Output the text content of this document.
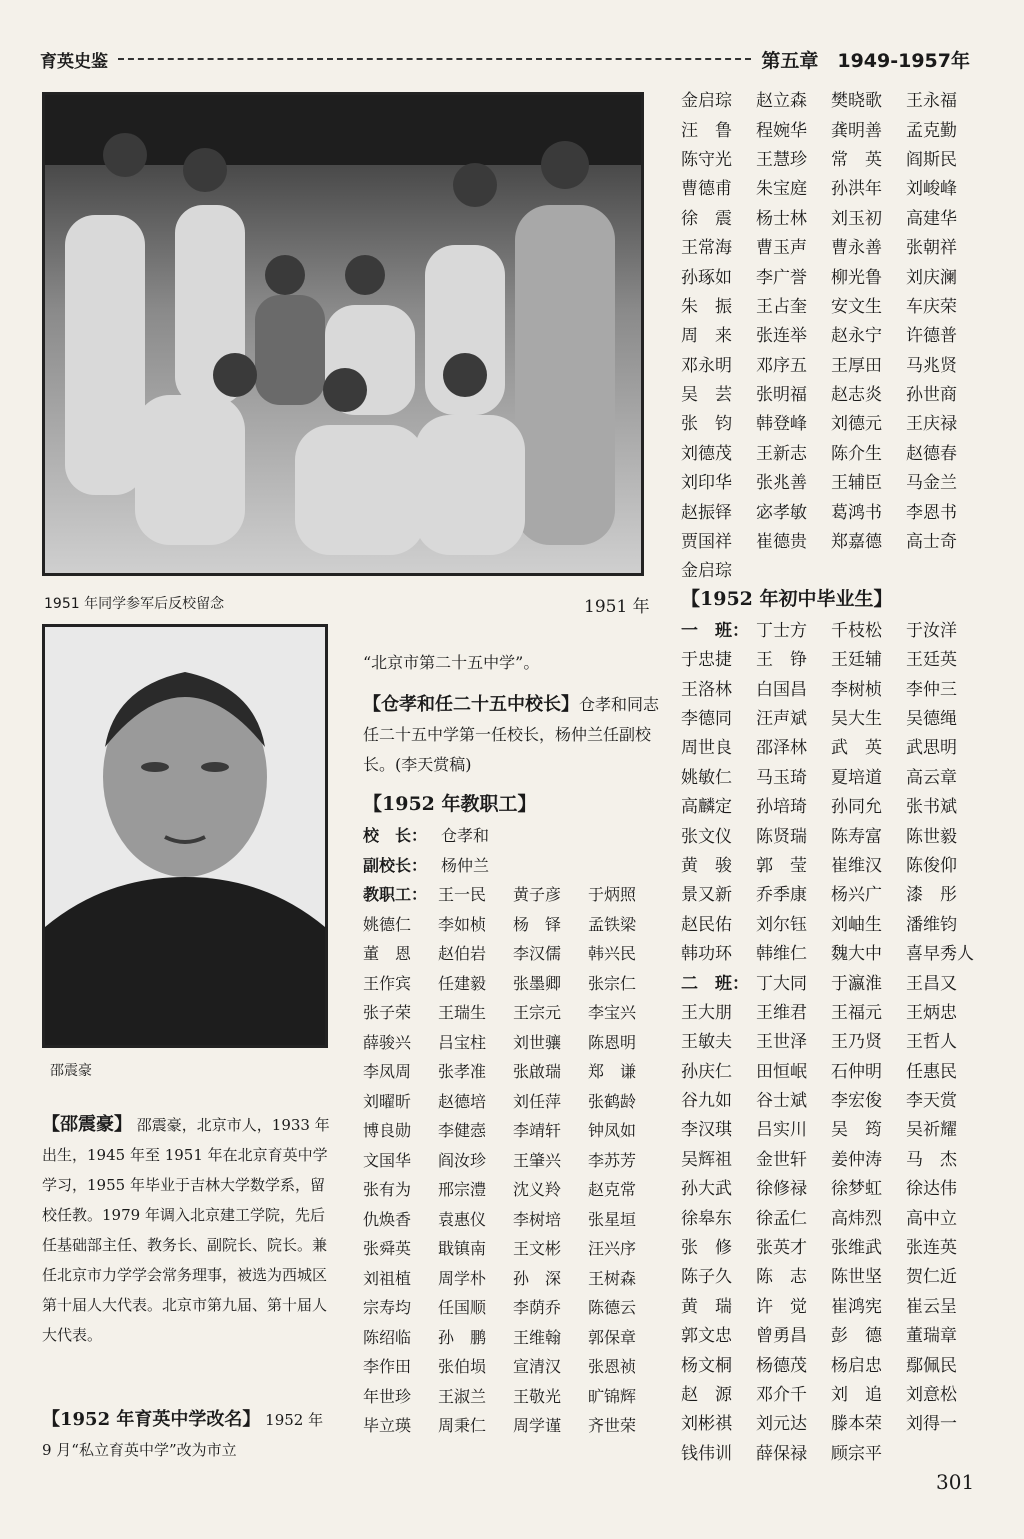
育英史鉴	第五章　1949-1957年
1951 年同学参军后反校留念
邵震豪
【邵震豪】 邵震豪，北京市人，1933 年出生，1945 年至 1951 年在北京育英中学学习，1955 年毕业于吉林大学数学系，留校任教。1979 年调入北京建工学院，先后任基础部主任、教务长、副院长、院长。兼任北京市力学学会常务理事，被选为西城区第十届人大代表。北京市第九届、第十届人大代表。
【1952 年育英中学改名】 1952 年 9 月“私立育英中学”改为市立
1951 年
“北京市第二十五中学”。
【仓孝和任二十五中校长】仓孝和同志任二十五中学第一任校长，杨仲兰任副校长。(李天赏稿)
【1952 年教职工】
校　长： 仓孝和
副校长： 杨仲兰
教职工： 王一民	黄子彦	于炳照
姚德仁	李如桢	杨　铎	孟铁梁
董　恩	赵伯岩	李汉儒	韩兴民
王作宾	任建毅	张墨卿	张宗仁
张子荣	王瑞生	王宗元	李宝兴
薛骏兴	吕宝柱	刘世骧	陈恩明
李凤周	张孝准	张啟瑞	郑　谦
刘曜昕	赵德培	刘任萍	张鹤龄
博良勋	李健悫	李靖轩	钟凤如
文国华	阎汝珍	王肇兴	李苏芳
张有为	邢宗澧	沈义羚	赵克常
仇焕香	袁惠仪	李树培	张星垣
张舜英	戢镇南	王文彬	汪兴序
刘祖植	周学朴	孙　深	王树森
宗寿均	任国顺	李荫乔	陈德云
陈绍临	孙　鹏	王维翰	郭保章
李作田	张伯埙	宣清汉	张恩祯
年世珍	王淑兰	王敬光	旷锦辉
毕立瑛	周秉仁	周学谨	齐世荣
金启琮	赵立森	樊晓歌	王永福
汪　鲁	程婉华	龚明善	孟克勤
陈守光	王慧珍	常　英	阎斯民
曹德甫	朱宝庭	孙洪年	刘峻峰
徐　震	杨士林	刘玉初	高建华
王常海	曹玉声	曹永善	张朝祥
孙琢如	李广誉	柳光鲁	刘庆澜
朱　振	王占奎	安文生	车庆荣
周　来	张连举	赵永宁	许德普
邓永明	邓序五	王厚田	马兆贤
吴　芸	张明福	赵志炎	孙世商
张　钧	韩登峰	刘德元	王庆禄
刘德茂	王新志	陈介生	赵德春
刘印华	张兆善	王辅臣	马金兰
赵振铎	宓孝敏	葛鸿书	李恩书
贾国祥	崔德贵	郑嘉德	高士奇
金启琮
【1952 年初中毕业生】
一　班： 丁士方	千枝松	于汝洋
于忠捷	王　铮	王廷辅	王廷英
王洛林	白国昌	李树桢	李仲三
李德同	汪声斌	吴大生	吴德绳
周世良	邵泽林	武　英	武思明
姚敏仁	马玉琦	夏培道	高云章
高麟定	孙培琦	孙同允	张书斌
张文仪	陈贤瑞	陈寿富	陈世毅
黄　骏	郭　莹	崔维汉	陈俊仰
景又新	乔季康	杨兴广	漆　彤
赵民佑	刘尔钰	刘岫生	潘维钧
韩功环	韩维仁	魏大中	喜早秀人
二　班： 丁大同	于瀛淮	王昌又
王大朋	王维君	王福元	王炳忠
王敏夫	王世泽	王乃贤	王哲人
孙庆仁	田恒岷	石仲明	任惠民
谷九如	谷士斌	李宏俊	李天赏
李汉琪	吕实川	吴　筠	吴祈耀
吴辉祖	金世轩	姜仲涛	马　杰
孙大武	徐修禄	徐梦虹	徐达伟
徐皋东	徐孟仁	高炜烈	高中立
张　修	张英才	张维武	张连英
陈子久	陈　志	陈世坚	贺仁近
黄　瑞	许　觉	崔鸿宪	崔云呈
郭文忠	曾勇昌	彭　德	董瑞章
杨文桐	杨德茂	杨启忠	鄢佩民
赵　源	邓介千	刘　追	刘意松
刘彬祺	刘元达	滕本荣	刘得一
钱伟训	薛保禄	顾宗平
301
